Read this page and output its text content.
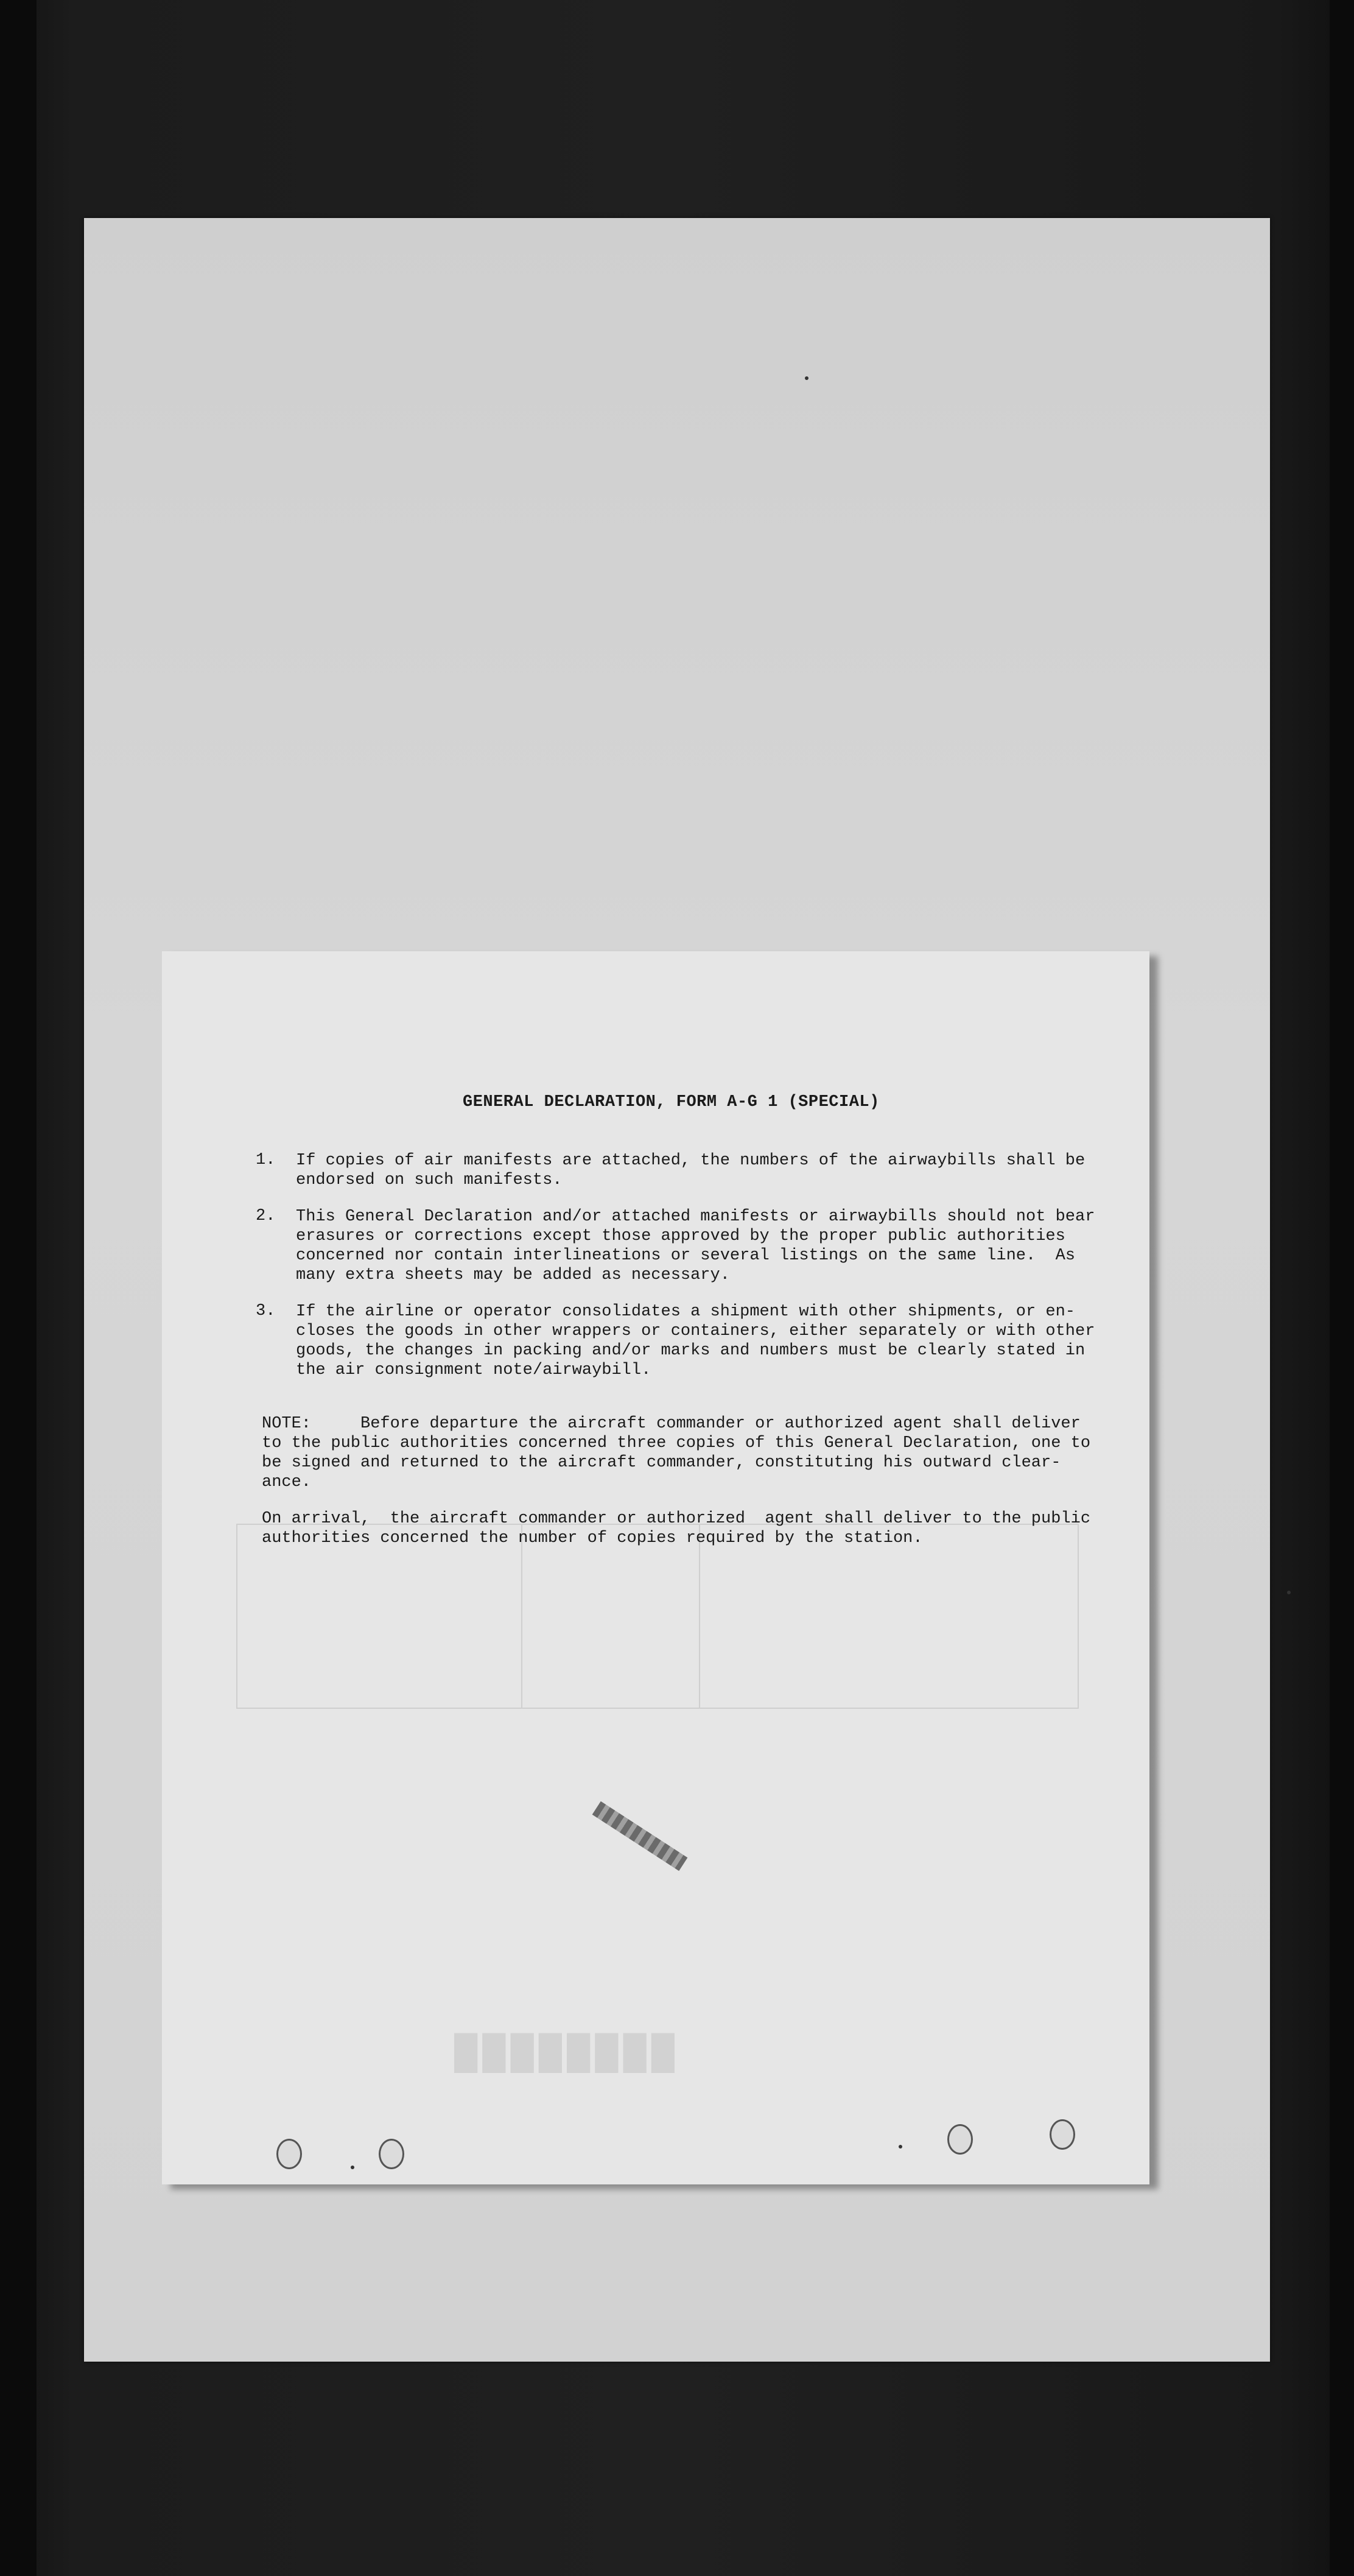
████████
GENERAL DECLARATION, FORM A-G 1 (SPECIAL)
1. If copies of air manifests are attached, the numbers of the airwaybills shall be
endorsed on such manifests.
2. This General Declaration and/or attached manifests or airwaybills should not bear
erasures or corrections except those approved by the proper public authorities
concerned nor contain interlineations or several listings on the same line.  As
many extra sheets may be added as necessary.
3. If the airline or operator consolidates a shipment with other shipments, or en-
closes the goods in other wrappers or containers, either separately or with other
goods, the changes in packing and/or marks and numbers must be clearly stated in
the air consignment note/airwaybill.
NOTE:     Before departure the aircraft commander or authorized agent shall deliver
to the public authorities concerned three copies of this General Declaration, one to
be signed and returned to the aircraft commander, constituting his outward clear-
ance.
On arrival,  the aircraft commander or authorized  agent shall deliver to the public
authorities concerned the number of copies required by the station.
